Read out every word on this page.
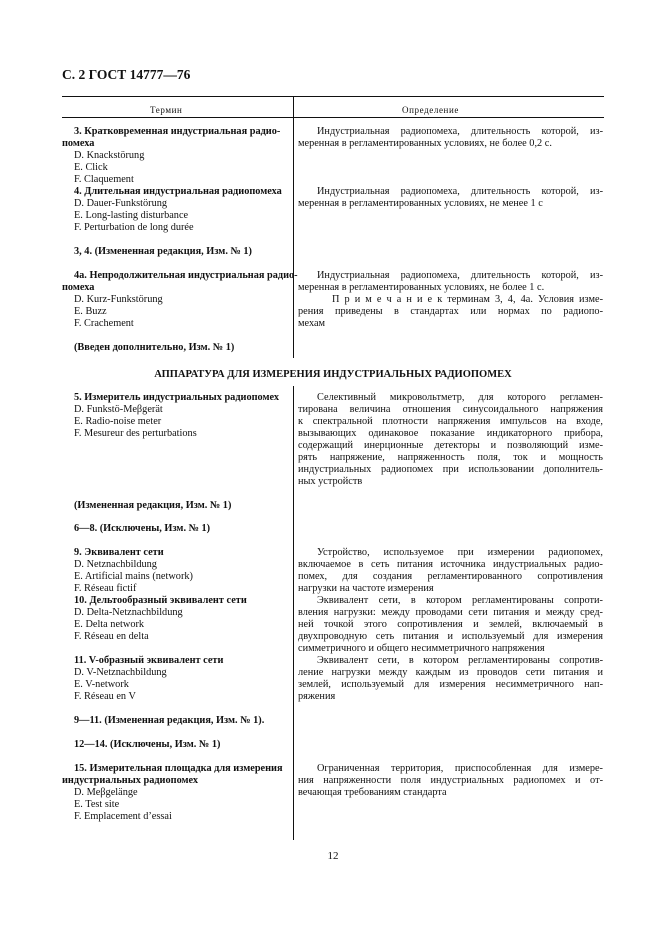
С. 2 ГОСТ 14777—76
Термин	Определение
3. Кратковременная индустриальная радио-
помеха
D. Knackstörung
E. Click
F. Claquement
Индустриальная радиопомеха, длительность которой, из-
меренная в регламентированных условиях, не более 0,2 с.
4. Длительная индустриальная радиопомеха
D. Dauer-Funkstörung
E. Long-lasting disturbance
F. Perturbation de long durée
Индустриальная радиопомеха, длительность которой, из-
меренная в регламентированных условиях, не менее 1 с
3, 4. (Измененная редакция, Изм. № 1)
4а. Непродолжительная индустриальная радио-
помеха
D. Kurz-Funkstörung
E. Buzz
F. Crachement
Индустриальная радиопомеха, длительность которой, из-
меренная в регламентированных условиях, не более 1 с.
П р и м е ч а н и е к терминам 3, 4, 4а. Условия изме-
рения приведены в стандартах или нормах по радиопо-
мехам
(Введен дополнительно, Изм. № 1)
АППАРАТУРА ДЛЯ ИЗМЕРЕНИЯ ИНДУСТРИАЛЬНЫХ РАДИОПОМЕХ
5. Измеритель индустриальных радиопомех
D. Funkstö-Meβgerät
E. Radio-noise meter
F. Mesureur des perturbations
Селективный микровольтметр, для которого регламен-
тирована величина отношения синусоидального напряжения
к спектральной плотности напряжения импульсов на входе,
вызывающих одинаковое показание индикаторного прибора,
содержащий инерционные детекторы и позволяющий изме-
рять напряжение, напряженность поля, ток и мощность
индустриальных радиопомех при использовании дополнитель-
ных устройств
(Измененная редакция, Изм. № 1)
6—8. (Исключены, Изм. № 1)
9. Эквивалент сети
D. Netznachbildung
E. Artificial mains (network)
F. Réseau fictif
10. Дельтообразный эквивалент сети
D. Delta-Netznachbildung
E. Delta network
F. Réseau en delta
11. V-образный эквивалент сети
D. V-Netznachbildung
E. V-network
F. Réseau en V
Устройство, используемое при измерении радиопомех,
включаемое в сеть питания источника индустриальных радио-
помех, для создания регламентированного сопротивления
нагрузки на частоте измерения
Эквивалент сети, в котором регламентированы сопроти-
вления нагрузки: между проводами сети питания и между сред-
ней точкой этого сопротивления и землей, включаемый в
двухпроводную сеть питания и используемый для измерения
симметричного и общего несимметричного напряжения
Эквивалент сети, в котором регламентированы сопротив-
ление нагрузки между каждым из проводов сети питания и
землей, используемый для измерения несимметричного нап-
ряжения
9—11. (Измененная редакция, Изм. № 1).
12—14. (Исключены, Изм. № 1)
15. Измерительная площадка для измерения
индустриальных радиопомех
D. Meβgelänge
E. Test site
F. Emplacement d’essai
Ограниченная территория, приспособленная для измере-
ния напряженности поля индустриальных радиопомех и от-
вечающая требованиям стандарта
12
